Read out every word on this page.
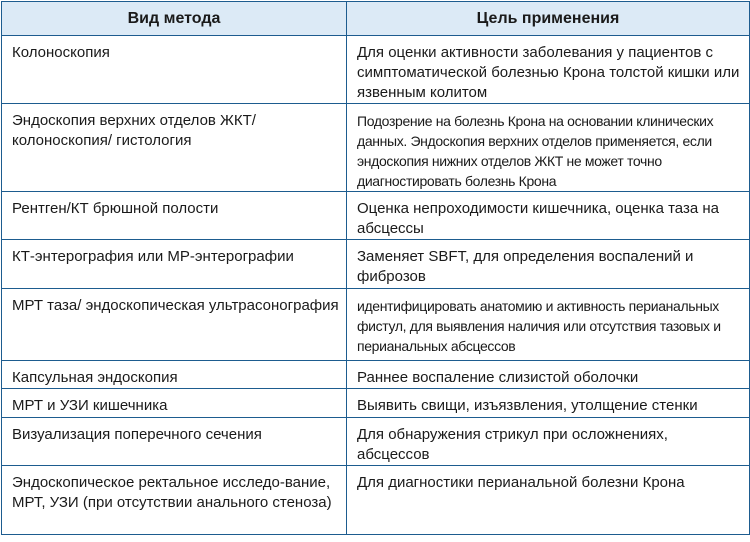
Вид метода	Цель применения
Колоноскопия	Для оценки активности заболевания у пациентов с симптоматической болезнью Крона толстой кишки или язвенным колитом
Эндоскопия верхних отделов ЖКТ/ колоноскопия/ гистология	Подозрение на болезнь Крона на основании клинических данных. Эндоскопия верхних отделов применяется, если эндоскопия нижних отделов ЖКТ не может точно диагностировать болезнь Крона
Рентген/КТ брюшной полости	Оценка непроходимости кишечника, оценка таза на абсцессы
КТ-энтерография или МР-энтерографии	Заменяет SBFT, для определения воспалений и фиброзов
МРТ таза/ эндоскопическая ультрасонография	идентифицировать анатомию и активность перианальных фистул, для выявления наличия или отсутствия тазовых и перианальных абсцессов
Капсульная эндоскопия	Раннее воспаление слизистой оболочки
МРТ и УЗИ кишечника	Выявить свищи, изъязвления, утолщение стенки
Визуализация поперечного сечения	Для обнаружения стрикул при осложнениях, абсцессов
Эндоскопическое ректальное исследо-вание, МРТ, УЗИ (при отсутствии анального стеноза)	Для диагностики перианальной болезни Крона
